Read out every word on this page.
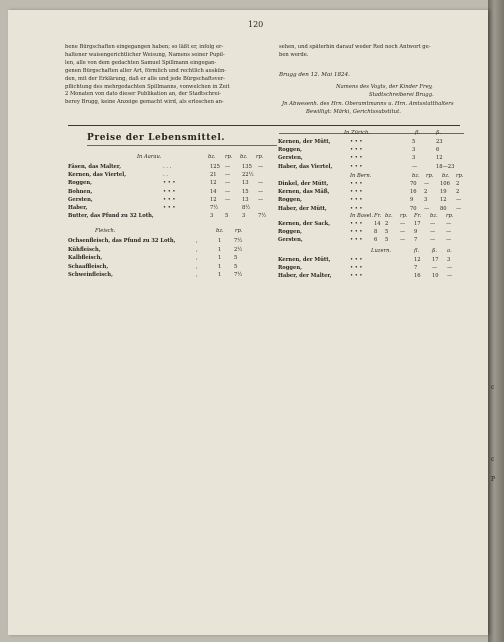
c
c
P
120
bene Bürgschaften eingegangen haben; so läßt er, infolg er-
haltener waisengerichtlicher Weisung, Namens seiner Pupil-
len, alle von dem gedachten Samuel Spillmann eingegan-
genen Bürgschaften aller Art, förmlich und rechtlich auskün-
den, mit der Erklärung, daß er alle und jede Bürgschaftsver-
pflichtung des mehrgedachten Spillmanns, vonwelchen in Zeit
2 Monaten von dato dieser Publikation an, der Stadtschrei-
berey Brugg, keine Anzeige gemacht wird, als erloschen an-
sehen, und späterhin darauf weder Red noch Antwort ge-
ben werde.
Brugg den 12. Mai 1824.
Namens des Vogts, der Kinder Frey,
Stadtschreiberei Brugg.
Jn Abwesenh. des Hrn. Oberamtmanns u. Hrn. Amtsstatthalters
Bewilligt: Märki, Gerichtssubstitut.
Preise der Lebensmittel.
In Aarau.	bz. rp. bz. rp.
Fäsen, das Malter,	. . .	125 — 135 —
Kernen, das Viertel,	. .	21 — 22½
Roggen,	• • •	12 — 13 —
Bohnen,	• • •	14 — 15 —
Gersten,	• • •	12 — 13 —
Haber,	• • •	7½	8½
Butter, das Pfund zu 32 Loth,	3 5	3 7½
Fleisch.	bz. rp.
Ochsenfleisch, das Pfund zu 32 Loth,	,	1 7½
Kühfleisch,	,	1 2½
Kalbfleisch,	,	1 5
Schaaffleisch,	,	1 5
Schweinfleisch,	,	1 7½
In Zürich.	fl.	ß.
Kernen, der Mütt,	• • •	5	23
Roggen,	• • •	3	6
Gersten,	• • •	3	12
Haber, das Viertel,	• • •	—	18—23
In Bern.	bz. rp. bz. rp.
Dinkel, der Mütt,	• • •	70 — 106 2
Kernen, das Mäß,	• • •	16 2 19 2
Roggen,	• • •	9 3 12 —
Haber, der Mütt,	• • •	70 — 80 —
In Basel. Fr. bz. rp. Fr. bz. rp.
Kernen, der Sack,	• • • 14 2 — 17 — —
Roggen,	• • • 8 5 — 9 — —
Gersten,	• • • 6 5 — 7 — —
Luzern.	fl. ß. a.
Kernen, der Mütt,	• • •	12 17 3
Roggen,	• • •	7	— —
Haber, der Malter,	• • •	16 10 —
